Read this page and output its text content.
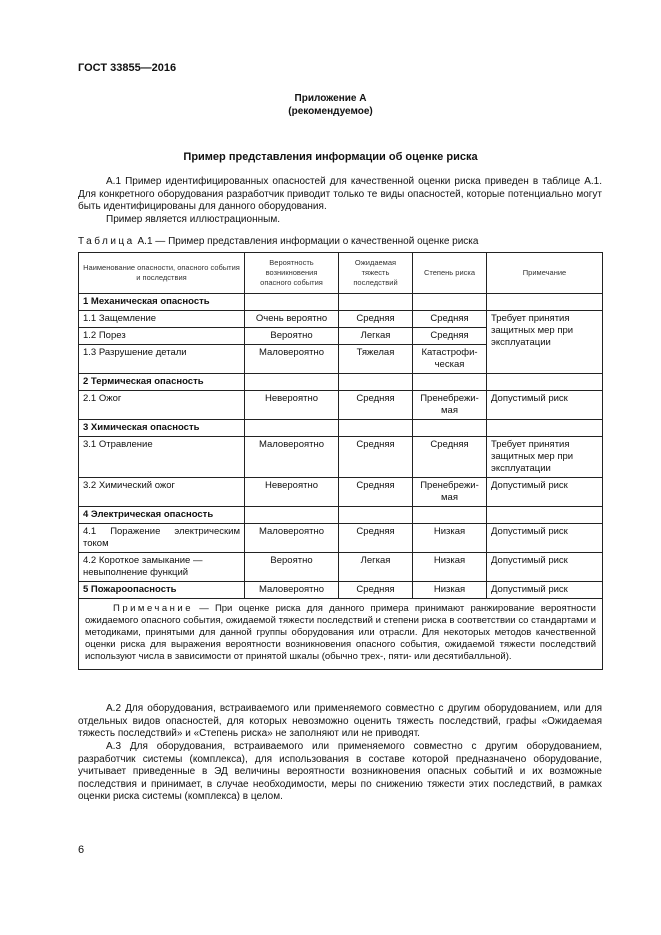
ГОСТ 33855—2016
Приложение А
(рекомендуемое)
Пример представления информации об оценке риска

А.1 Пример идентифицированных опасностей для качественной оценки риска приведен в таблице А.1. Для конкретного оборудования разработчик приводит только те виды опасностей, которые потенциально могут быть идентифицированы для данного оборудования.

Пример является иллюстрационным.

Таблица А.1 — Пример представления информации о качественной оценке риска
Наименование опасности, опасного события и последствия	Вероятность возникновения опасного события	Ожидаемая тяжесть последствий	Степень риска	Примечание
1 Механическая опасность				
1.1 Защемление	Очень вероятно	Средняя	Средняя	Требует принятия защитных мер при эксплуатации
1.2 Порез	Вероятно	Легкая	Средняя	
1.3 Разрушение детали	Маловероятно	Тяжелая	Катастрофи-ческая	
2 Термическая опасность				
2.1 Ожог	Невероятно	Средняя	Пренебрежи-мая	Допустимый риск
3 Химическая опасность				
3.1 Отравление	Маловероятно	Средняя	Средняя	Требует принятия защитных мер при эксплуатации
3.2 Химический ожог	Невероятно	Средняя	Пренебрежи-мая	Допустимый риск
4 Электрическая опасность				
4.1 Поражение электрическим током	Маловероятно	Средняя	Низкая	Допустимый риск
4.2 Короткое замыкание — невыполнение функций	Вероятно	Легкая	Низкая	Допустимый риск
5 Пожароопасность	Маловероятно	Средняя	Низкая	Допустимый риск

Примечание — При оценке риска для данного примера принимают ранжирование вероятности ожидаемого опасного события, ожидаемой тяжести последствий и степени риска в соответствии со стандартами и методиками, принятыми для данной группы оборудования или отрасли. Для некоторых методов качественной оценки риска для выражения вероятности возникновения опасного события, ожидаемой тяжести последствий используют числа в зависимости от принятой шкалы (обычно трех-, пяти- или десятибалльной).				

А.2 Для оборудования, встраиваемого или применяемого совместно с другим оборудованием, или для отдельных видов опасностей, для которых невозможно оценить тяжесть последствий, графы «Ожидаемая тяжесть последствий» и «Степень риска» не заполняют или не приводят.

А.3 Для оборудования, встраиваемого или применяемого совместно с другим оборудованием, разработчик системы (комплекса), для использования в составе которой предназначено оборудование, учитывает приведенные в ЭД величины вероятности возникновения опасных событий и их возможные последствия и принимает, в случае необходимости, меры по снижению тяжести этих последствий, в рамках оценки риска системы (комплекса) в целом.

6
